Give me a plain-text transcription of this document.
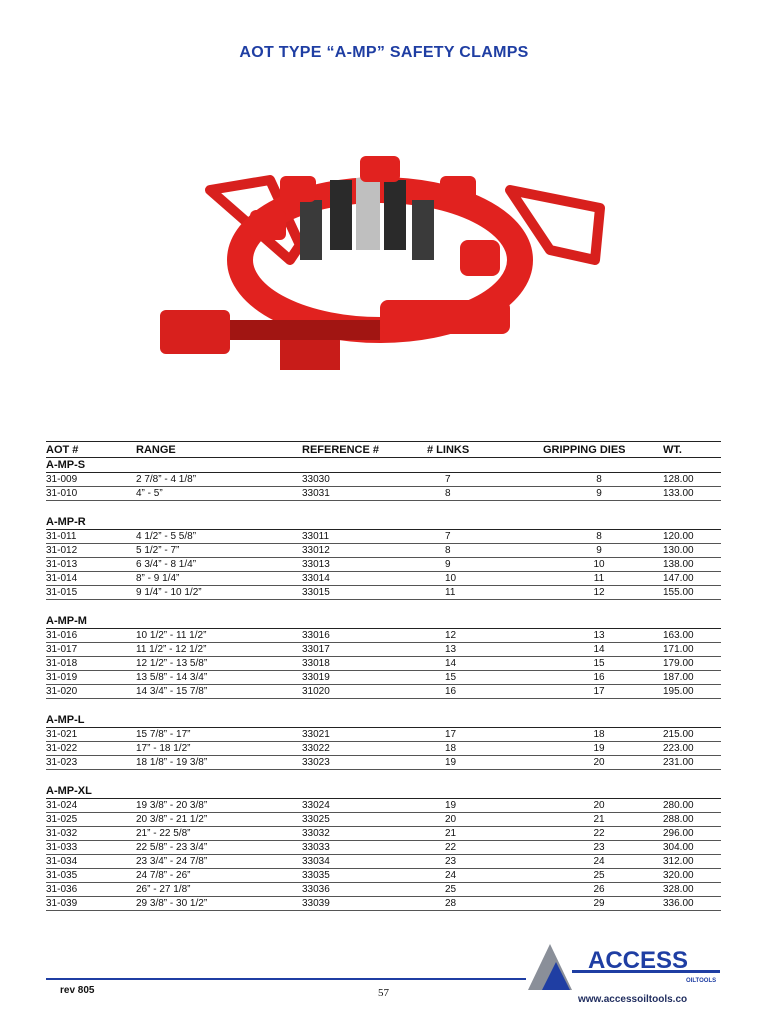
AOT TYPE “A-MP” SAFETY CLAMPS
AOT #	RANGE	REFERENCE #	# LINKS	GRIPPING DIES	WT.
A-MP-S					
31-009	2 7/8” - 4 1/8”	33030	7	8	128.00
31-010	4” - 5”	33031	8	9	133.00

A-MP-R					
31-011	4 1/2” - 5 5/8”	33011	7	8	120.00
31-012	5 1/2” - 7”	33012	8	9	130.00
31-013	6 3/4” - 8 1/4”	33013	9	10	138.00
31-014	8” - 9 1/4”	33014	10	11	147.00
31-015	9 1/4” - 10 1/2”	33015	11	12	155.00

A-MP-M					
31-016	10 1/2” - 11 1/2”	33016	12	13	163.00
31-017	11 1/2” - 12 1/2”	33017	13	14	171.00
31-018	12 1/2” - 13 5/8”	33018	14	15	179.00
31-019	13 5/8” - 14 3/4”	33019	15	16	187.00
31-020	14 3/4” - 15 7/8”	31020	16	17	195.00

A-MP-L					
31-021	15 7/8” - 17”	33021	17	18	215.00
31-022	17” - 18 1/2”	33022	18	19	223.00
31-023	18 1/8” - 19 3/8”	33023	19	20	231.00

A-MP-XL					
31-024	19 3/8” - 20 3/8”	33024	19	20	280.00
31-025	20 3/8” - 21 1/2”	33025	20	21	288.00
31-032	21” - 22 5/8”	33032	21	22	296.00
31-033	22 5/8” - 23 3/4”	33033	22	23	304.00
31-034	23 3/4” - 24 7/8”	33034	23	24	312.00
31-035	24 7/8” - 26”	33035	24	25	320.00
31-036	26” - 27 1/8”	33036	25	26	328.00
31-039	29 3/8” - 30 1/2”	33039	28	29	336.00
rev 805	57
ACCESS
OILTOOLS
www.accessoiltools.co
